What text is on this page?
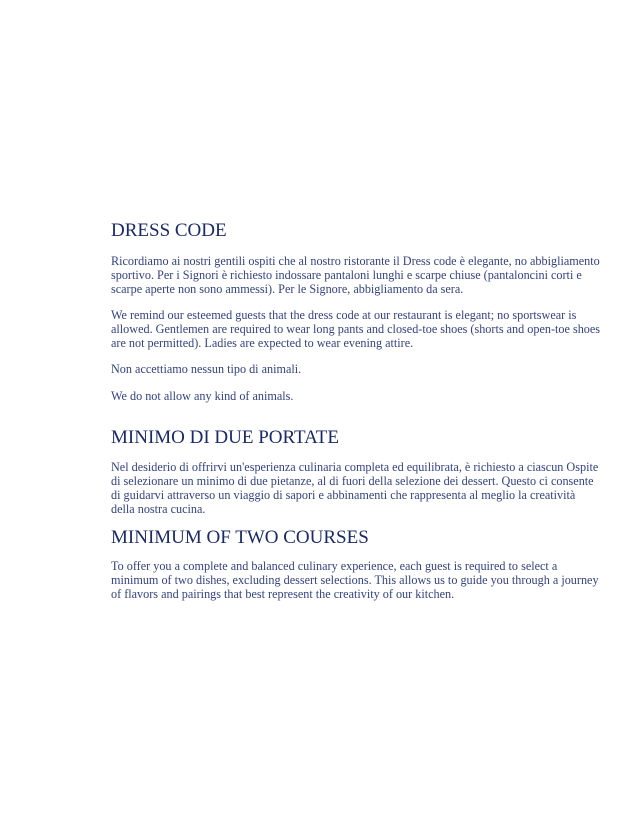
DRESS CODE
Ricordiamo ai nostri gentili ospiti che al nostro ristorante il Dress code è elegante, no abbigliamento
sportivo. Per i Signori è richiesto indossare pantaloni lunghi e scarpe chiuse (pantaloncini corti e
scarpe aperte non sono ammessi). Per le Signore, abbigliamento da sera.
We remind our esteemed guests that the dress code at our restaurant is elegant; no sportswear is
allowed. Gentlemen are required to wear long pants and closed-toe shoes (shorts and open-toe shoes
are not permitted). Ladies are expected to wear evening attire.
Non accettiamo nessun tipo di animali.
We do not allow any kind of animals.
MINIMO DI DUE PORTATE
Nel desiderio di offrirvi un'esperienza culinaria completa ed equilibrata, è richiesto a ciascun Ospite
di selezionare un minimo di due pietanze, al di fuori della selezione dei dessert. Questo ci consente
di guidarvi attraverso un viaggio di sapori e abbinamenti che rappresenta al meglio la creatività
della nostra cucina.
MINIMUM OF TWO COURSES
To offer you a complete and balanced culinary experience, each guest is required to select a
minimum of two dishes, excluding dessert selections. This allows us to guide you through a journey
of flavors and pairings that best represent the creativity of our kitchen.
